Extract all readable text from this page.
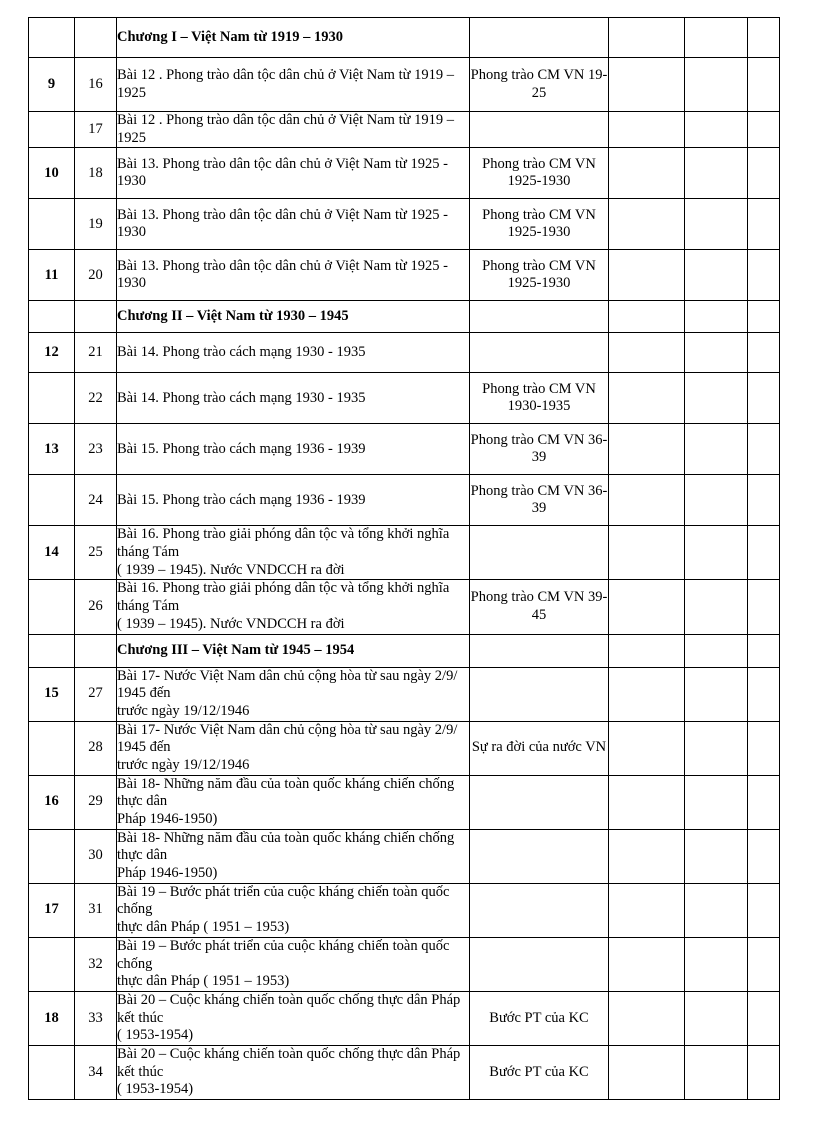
		Chương I – Việt Nam từ 1919 – 1930				

9	16	Bài 12 . Phong trào dân tộc dân chủ ở Việt Nam từ 1919 – 1925	Phong trào CM VN 19-
25			

	17	Bài 12 . Phong trào dân tộc dân chủ ở Việt Nam từ 1919 – 1925				

10	18	Bài 13. Phong trào dân tộc dân chủ ở Việt Nam từ 1925 - 1930	Phong trào CM VN
1925-1930			

	19	Bài 13. Phong trào dân tộc dân chủ ở Việt Nam từ 1925 - 1930	Phong trào CM VN
1925-1930			

11	20	Bài 13. Phong trào dân tộc dân chủ ở Việt Nam từ 1925 - 1930	Phong trào CM VN
1925-1930			

		Chương II – Việt Nam từ 1930 – 1945				

12	21	Bài 14. Phong trào cách mạng 1930 - 1935				

	22	Bài 14. Phong trào cách mạng 1930 - 1935	Phong trào CM VN
1930-1935			

13	23	Bài 15. Phong trào cách mạng 1936 - 1939	Phong trào CM VN 36-
39			

	24	Bài 15. Phong trào cách mạng 1936 - 1939	Phong trào CM VN 36-
39			

14	25	Bài 16. Phong trào giải phóng dân tộc và tổng khởi nghĩa tháng Tám
( 1939 – 1945). Nước VNDCCH ra đời				

	26	Bài 16. Phong trào giải phóng dân tộc và tổng khởi nghĩa tháng Tám
( 1939 – 1945). Nước VNDCCH ra đời	Phong trào CM VN 39-
45			

		Chương III – Việt Nam từ 1945 – 1954				

15	27	Bài 17- Nước Việt Nam dân chủ cộng hòa từ sau ngày 2/9/ 1945 đến
trước ngày 19/12/1946				

	28	Bài 17- Nước Việt Nam dân chủ cộng hòa từ sau ngày 2/9/ 1945 đến
trước ngày 19/12/1946	Sự ra đời của nước VN			

16	29	Bài 18- Những năm đầu của toàn quốc kháng chiến chống thực dân
Pháp 1946-1950)				

	30	Bài 18- Những năm đầu của toàn quốc kháng chiến chống thực dân
Pháp 1946-1950)				

17	31	Bài 19 – Bước phát triển của cuộc kháng chiến toàn quốc chống
thực dân Pháp ( 1951 – 1953)				

	32	Bài 19 – Bước phát triển của cuộc kháng chiến toàn quốc chống
thực dân Pháp ( 1951 – 1953)				

18	33	Bài 20 – Cuộc kháng chiến toàn quốc chống thực dân Pháp kết thúc
( 1953-1954)	Bước PT của KC			

	34	Bài 20 – Cuộc kháng chiến toàn quốc chống thực dân Pháp kết thúc
( 1953-1954)	Bước PT của KC			
